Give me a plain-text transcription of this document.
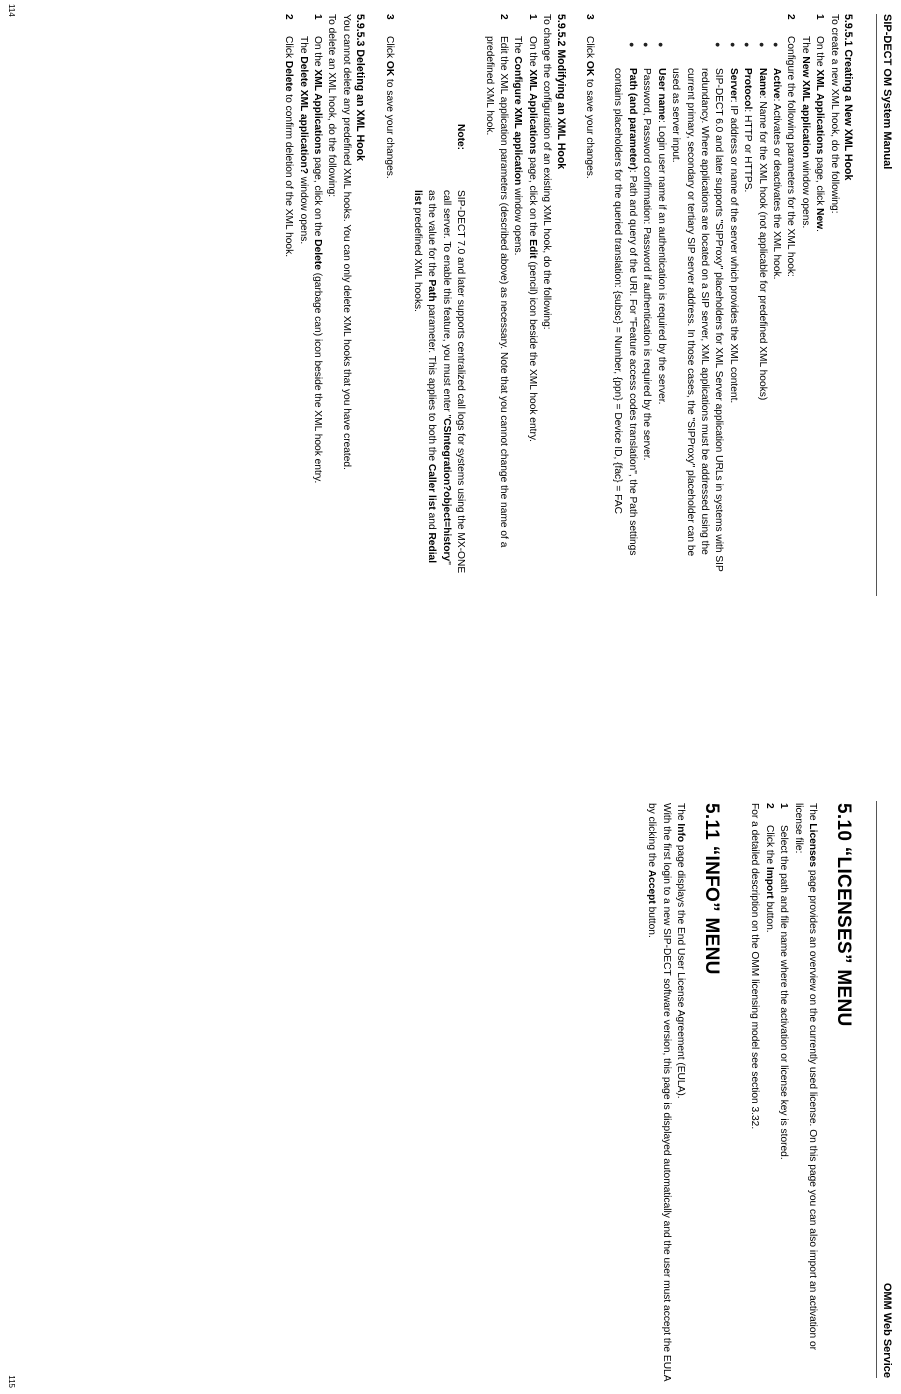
SIP-DECT OM System Manual

5.9.5.1 Creating a New XML Hook

To create a new XML hook, do the following:

1
On the XML Applications page, click New.

The New XML application window opens.

2
Configure the following parameters for the XML hook:
●
Active: Activates or deactivates the XML hook.
●
Name: Name for the XML hook (not applicable for predefined XML hooks)
●
Protocol: HTTP or HTTPS.
●
Server: IP address or name of the server which provides the XML content.
●
SIP-DECT 6.0 and later supports "SIPProxy" placeholders for XML Server application URLs in systems with SIP redundancy. Where applications are located on a SIP server, XML applications must be addressed using the current primary, secondary or tertiary SIP server address. In those cases, the "SIPProxy" placeholder can be used as server input.
●
User name: Login user name if an authentication is required by the server.
●
Password, Password confirmation: Password if authentication is required by the server.
●
Path (and parameter): Path and query of the URI. For "Feature access codes translation", the Path settings contains placeholders for the queried translation: {subsc} = Number, {ppn} = Device ID, {fac} = FAC
3
Click OK to save your changes.

5.9.5.2 Modifying an XML Hook

To change the configuration of an existing XML hook, do the following:

1
On the XML Applications page, click on the Edit (pencil) icon beside the XML hook entry.

The Configure XML application window opens.

2
Edit the XML application parameters (described above) as necessary. Note that you cannot change the name of a predefined XML hook.

Note:
SIP-DECT 7.0 and later supports centralized call logs for systems using the MX-ONE call server. To enable this feature, you must enter "CSIntegration?object=history" as the value for the Path parameter. This applies to both the Caller list and Redial list predefined XML hooks.

3
Click OK to save your changes.

5.9.5.3 Deleting an XML Hook

You cannot delete any predefined XML hooks. You can only delete XML hooks that you have created.

To delete an XML hook, do the following:

1
On the XML Applications page, click on the Delete (garbage can) icon beside the XML hook entry.

The Delete XML application? window opens.

2
Click Delete to confirm deletion of the XML hook.
114
OMM Web Service

5.10 “LICENSES” MENU

The Licenses page provides an overview on the currently used license. On this page you can also import an activation or license file:

1
Select the path and file name where the activation or license key is stored.
2
Click the Import button.

For a detailed description on the OMM licensing model see section 3.32.

5.11 “INFO” MENU

The Info page displays the End User License Agreement (EULA).

With the first login to a new SIP-DECT software version, this page is displayed automatically and the user must accept the EULA by clicking the Accept button.

115
